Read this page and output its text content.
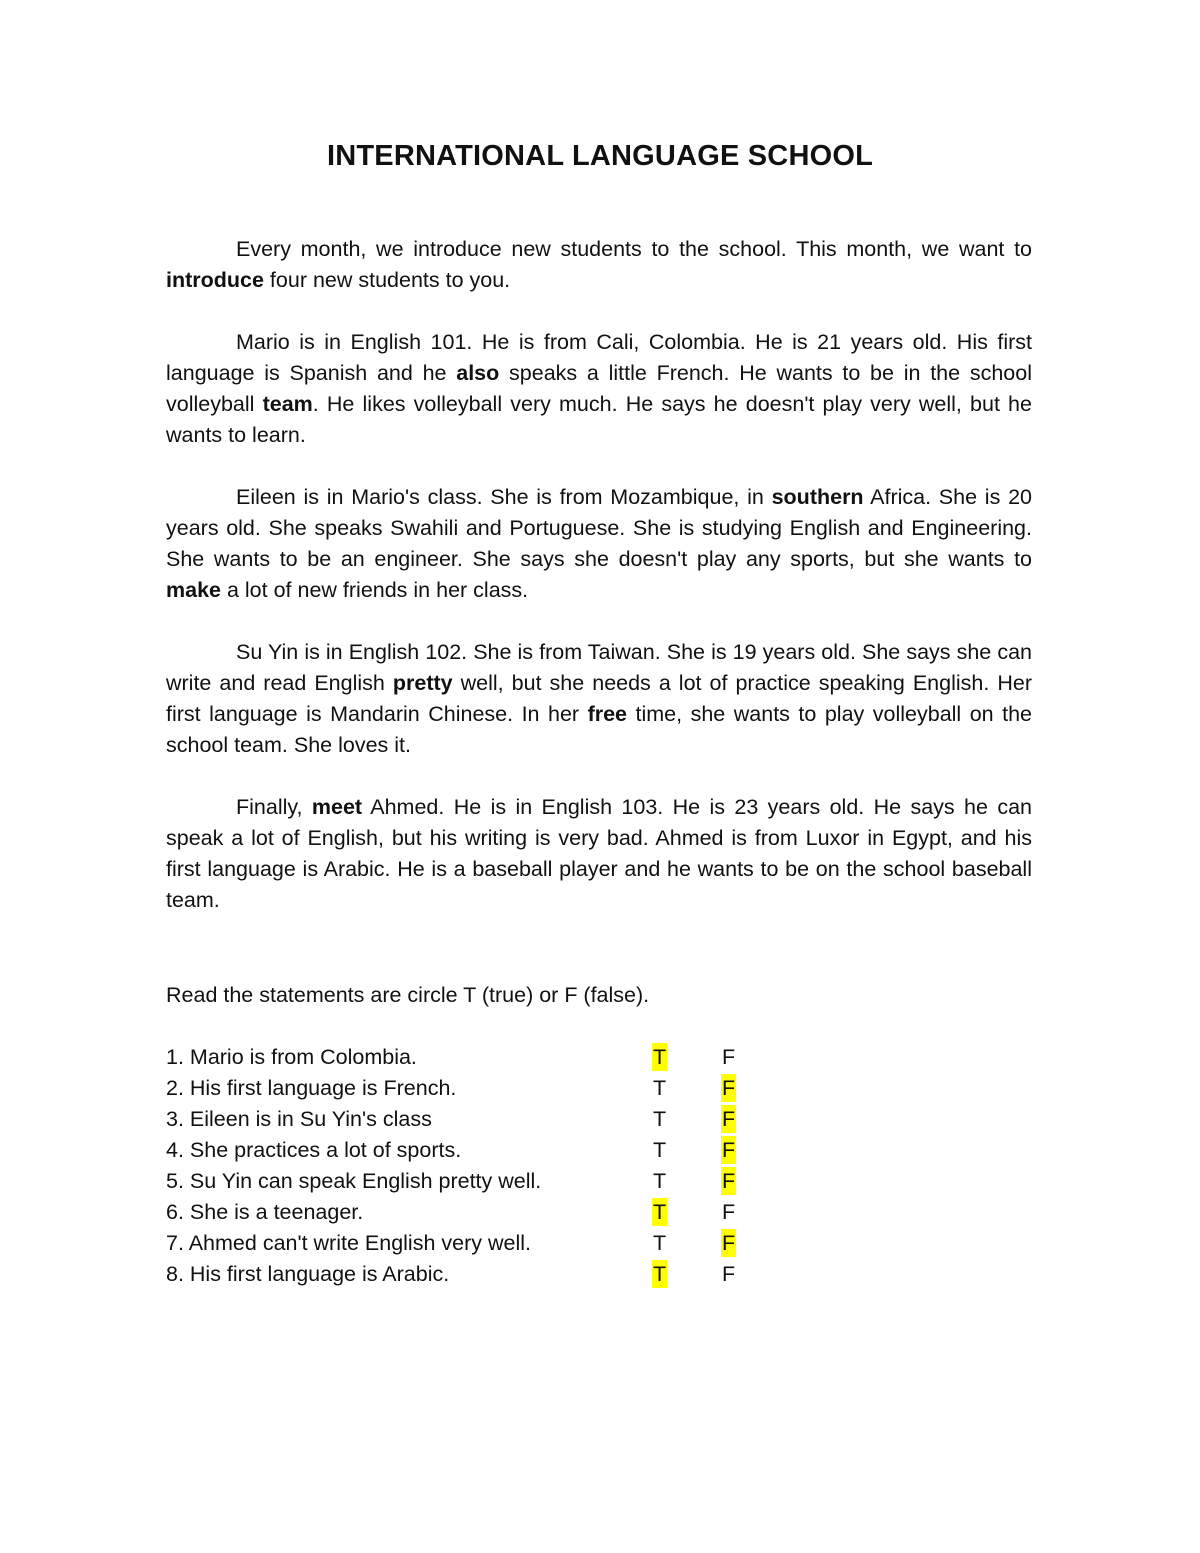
INTERNATIONAL LANGUAGE SCHOOL

Every month, we introduce new students to the school. This month, we want to introduce four new students to you.

Mario is in English 101. He is from Cali, Colombia. He is 21 years old. His first language is Spanish and he also speaks a little French. He wants to be in the school volleyball team. He likes volleyball very much. He says he doesn't play very well, but he wants to learn.

Eileen is in Mario's class. She is from Mozambique, in southern Africa. She is 20 years old. She speaks Swahili and Portuguese. She is studying English and Engineering. She wants to be an engineer. She says she doesn't play any sports, but she wants to make a lot of new friends in her class.

Su Yin is in English 102. She is from Taiwan. She is 19 years old. She says she can write and read English pretty well, but she needs a lot of practice speaking English. Her first language is Mandarin Chinese. In her free time, she wants to play volleyball on the school team. She loves it.

Finally, meet Ahmed. He is in English 103. He is 23 years old. He says he can speak a lot of English, but his writing is very bad. Ahmed is from Luxor in Egypt, and his first language is Arabic. He is a baseball player and he wants to be on the school baseball team.

Read the statements are circle T (true) or F (false).
1. Mario is from Colombia.	T	F
2. His first language is French.	T	F
3. Eileen is in Su Yin's class	T	F
4. She practices a lot of sports.	T	F
5. Su Yin can speak English pretty well.	T	F
6. She is a teenager.	T	F
7. Ahmed can't write English very well.	T	F
8. His first language is Arabic.	T	F
